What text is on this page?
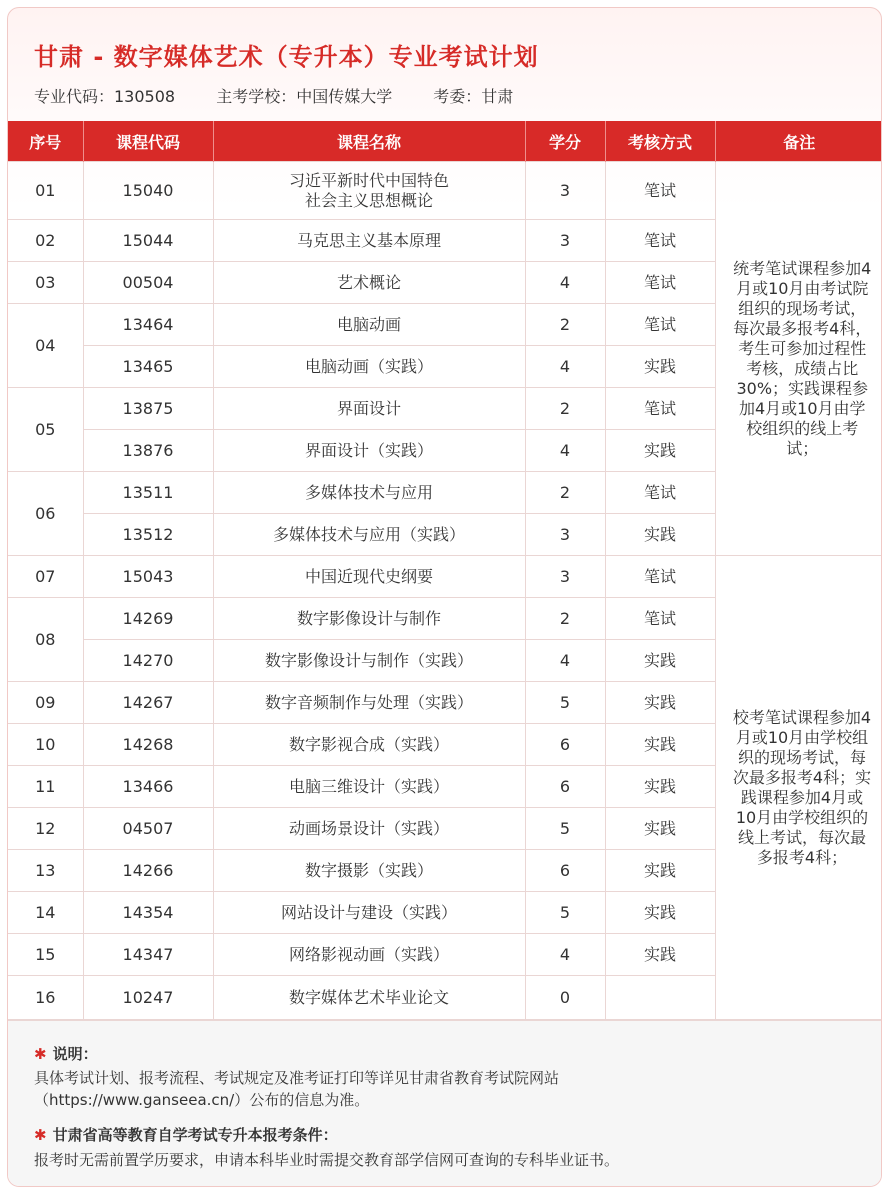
甘肃 - 数字媒体艺术（专升本）专业考试计划
专业代码：130508	主考学校：中国传媒大学	考委：甘肃
序号	课程代码	课程名称	学分	考核方式	备注	
01	15040	习近平新时代中国特色
社会主义思想概论	3	笔试	统考笔试课程参加4月或10月由考试院组织的现场考试，每次最多报考4科，考生可参加过程性考核，成绩占比30%；实践课程参加4月或10月由学校组织的线上考试；	
02	15044	马克思主义基本原理	3	笔试		
03	00504	艺术概论	4	笔试		
04	13464	电脑动画	2	笔试		
	13465	电脑动画（实践）	4	实践		
05	13875	界面设计	2	笔试		
	13876	界面设计（实践）	4	实践		
06	13511	多媒体技术与应用	2	笔试		
	13512	多媒体技术与应用（实践）	3	实践		
07	15043	中国近现代史纲要	3	笔试	校考笔试课程参加4月或10月由学校组织的现场考试，每次最多报考4科；实践课程参加4月或10月由学校组织的线上考试，每次最多报考4科；	
08	14269	数字影像设计与制作	2	笔试		
	14270	数字影像设计与制作（实践）	4	实践		
09	14267	数字音频制作与处理（实践）	5	实践		
10	14268	数字影视合成（实践）	6	实践		
11	13466	电脑三维设计（实践）	6	实践		
12	04507	动画场景设计（实践）	5	实践		
13	14266	数字摄影（实践）	6	实践		
14	14354	网站设计与建设（实践）	5	实践		
15	14347	网络影视动画（实践）	4	实践		
16	10247	数字媒体艺术毕业论文	0			
✱ 说明：
具体考试计划、报考流程、考试规定及准考证打印等详见甘肃省教育考试院网站
（https://www.ganseea.cn/）公布的信息为准。
✱ 甘肃省高等教育自学考试专升本报考条件：
报考时无需前置学历要求，申请本科毕业时需提交教育部学信网可查询的专科毕业证书。
